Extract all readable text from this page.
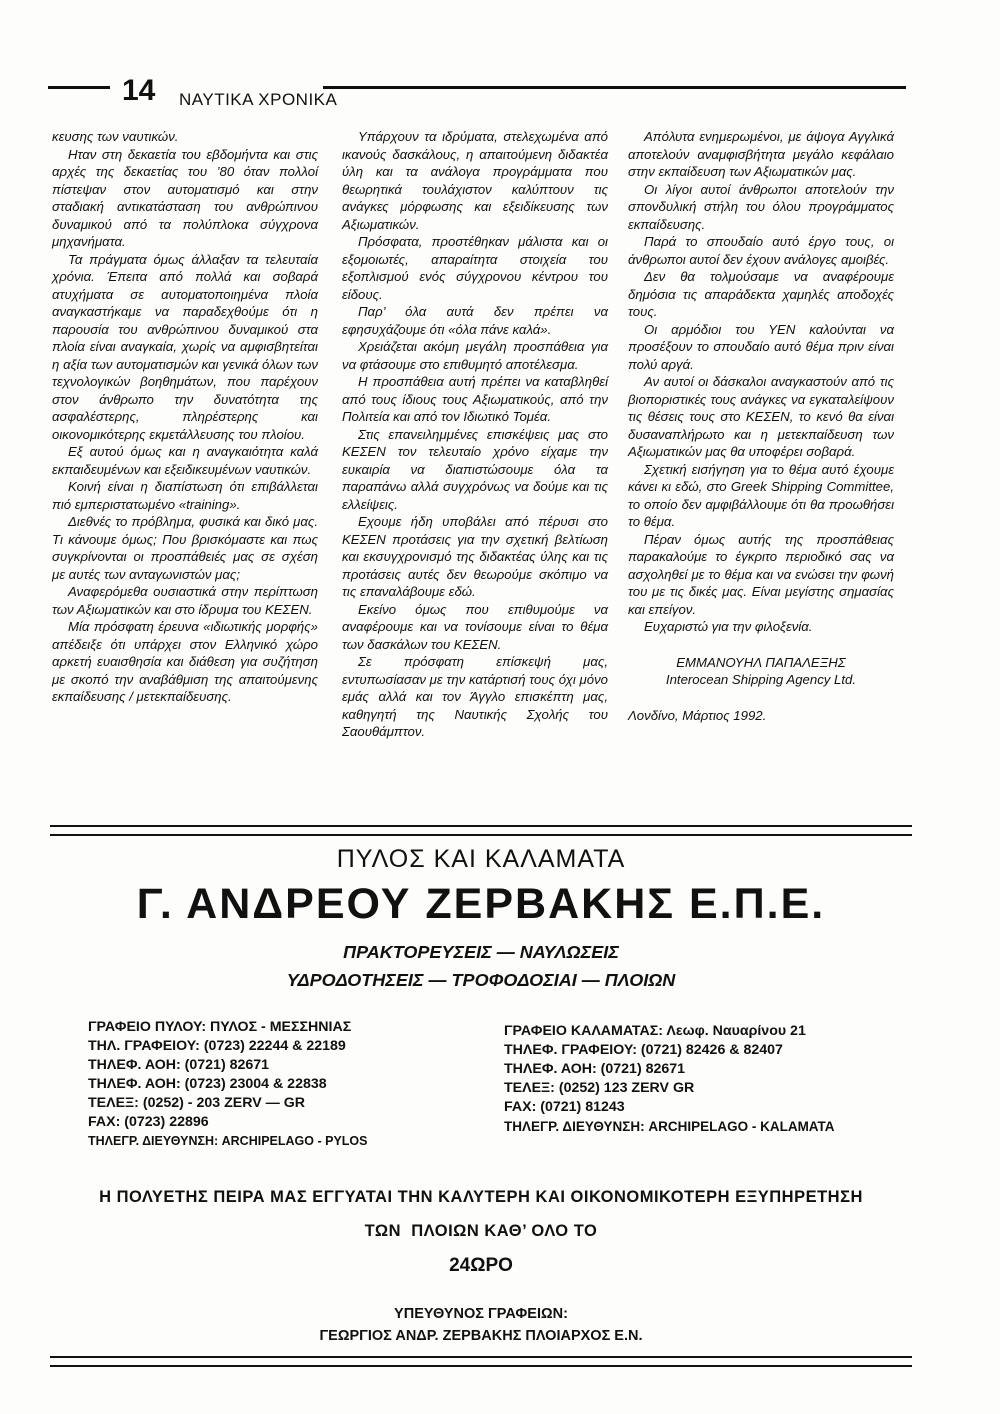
14 ΝΑΥΤΙΚΑ ΧΡΟΝΙΚΑ

κευσης των ναυτικών.

Ηταν στη δεκαετία του εβδομήντα και στις αρχές της δεκαετίας του ’80 όταν πολλοί πίστεψαν στον αυτοματισμό και στην σταδιακή αντικατάσταση του ανθρώπινου δυναμικού από τα πολύπλοκα σύγχρονα μηχανήματα.

Τα πράγματα όμως άλλαξαν τα τελευταία χρόνια. Έπειτα από πολλά και σοβαρά ατυχήματα σε αυτοματοποιημένα πλοία αναγκαστήκαμε να παραδεχθούμε ότι η παρουσία του ανθρώπινου δυναμικού στα πλοία είναι αναγκαία, χωρίς να αμφισβητείται η αξία των αυτοματισμών και γενικά όλων των τεχνολογικών βοηθημάτων, που παρέχουν στον άνθρωπο την δυνατότητα της ασφαλέστερης, πληρέστερης και οικονομικότερης εκμετάλλευσης του πλοίου.

Εξ αυτού όμως και η αναγκαιότητα καλά εκπαιδευμένων και εξειδικευμένων ναυτικών.

Κοινή είναι η διαπίστωση ότι επιβάλλεται πιό εμπεριστατωμένο «training».

Διεθνές το πρόβλημα, φυσικά και δικό μας. Τι κάνουμε όμως; Που βρισκόμαστε και πως συγκρίνονται οι προσπάθειές μας σε σχέση με αυτές των ανταγωνιστών μας;

Αναφερόμεθα ουσιαστικά στην περίπτωση των Αξιωματικών και στο ίδρυμα του ΚΕΣΕΝ.

Μία πρόσφατη έρευνα «ιδιωτικής μορφής» απέδειξε ότι υπάρχει στον Ελληνικό χώρο αρκετή ευαισθησία και διάθεση για συζήτηση με σκοπό την αναβάθμιση της απαιτούμενης εκπαίδευσης / μετεκπαίδευσης.

Υπάρχουν τα ιδρύματα, στελεχωμένα από ικανούς δασκάλους, η απαιτούμενη διδακτέα ύλη και τα ανάλογα προγράμματα που θεωρητικά τουλάχιστον καλύπτουν τις ανάγκες μόρφωσης και εξειδίκευσης των Αξιωματικών.

Πρόσφατα, προστέθηκαν μάλιστα και οι εξομοιωτές, απαραίτητα στοιχεία του εξοπλισμού ενός σύγχρονου κέντρου του είδους.

Παρ’ όλα αυτά δεν πρέπει να εφησυχάζουμε ότι «όλα πάνε καλά».

Χρειάζεται ακόμη μεγάλη προσπάθεια για να φτάσουμε στο επιθυμητό αποτέλεσμα.

Η προσπάθεια αυτή πρέπει να καταβληθεί από τους ίδιους τους Αξιωματικούς, από την Πολιτεία και από τον Ιδιωτικό Τομέα.

Στις επανειλημμένες επισκέψεις μας στο ΚΕΣΕΝ τον τελευταίο χρόνο είχαμε την ευκαιρία να διαπιστώσουμε όλα τα παραπάνω αλλά συγχρόνως να δούμε και τις ελλείψεις.

Εχουμε ήδη υποβάλει από πέρυσι στο ΚΕΣΕΝ προτάσεις για την σχετική βελτίωση και εκσυγχρονισμό της διδακτέας ύλης και τις προτάσεις αυτές δεν θεωρούμε σκόπιμο να τις επαναλάβουμε εδώ.

Εκείνο όμως που επιθυμούμε να αναφέρουμε και να τονίσουμε είναι το θέμα των δασκάλων του ΚΕΣΕΝ.

Σε πρόσφατη επίσκεψή μας, εντυπωσίασαν με την κατάρτισή τους όχι μόνο εμάς αλλά και τον Άγγλο επισκέπτη μας, καθηγητή της Ναυτικής Σχολής του Σαουθάμπτον.

Απόλυτα ενημερωμένοι, με άψογα Αγγλικά αποτελούν αναμφισβήτητα μεγάλο κεφάλαιο στην εκπαίδευση των Αξιωματικών μας.

Οι λίγοι αυτοί άνθρωποι αποτελούν την σπονδυλική στήλη του όλου προγράμματος εκπαίδευσης.

Παρά το σπουδαίο αυτό έργο τους, οι άνθρωποι αυτοί δεν έχουν ανάλογες αμοιβές.

Δεν θα τολμούσαμε να αναφέρουμε δημόσια τις απαράδεκτα χαμηλές αποδοχές τους.

Οι αρμόδιοι του ΥΕΝ καλούνται να προσέξουν το σπουδαίο αυτό θέμα πριν είναι πολύ αργά.

Αν αυτοί οι δάσκαλοι αναγκαστούν από τις βιοποριστικές τους ανάγκες να εγκαταλείψουν τις θέσεις τους στο ΚΕΣΕΝ, το κενό θα είναι δυσαναπλήρωτο και η μετεκπαίδευση των Αξιωματικών μας θα υποφέρει σοβαρά.

Σχετική εισήγηση για το θέμα αυτό έχουμε κάνει κι εδώ, στο Greek Shipping Committee, το οποίο δεν αμφιβάλλουμε ότι θα προωθήσει το θέμα.

Πέραν όμως αυτής της προσπάθειας παρακαλούμε το έγκριτο περιοδικό σας να ασχοληθεί με το θέμα και να ενώσει την φωνή του με τις δικές μας. Είναι μεγίστης σημασίας και επείγον.

Ευχαριστώ για την φιλοξενία.

ΕΜΜΑΝΟΥΗΛ ΠΑΠΑΛΕΞΗΣ
Interocean Shipping Agency Ltd.
Λονδίνο, Μάρτιος 1992.
ΠΥΛΟΣ ΚΑΙ ΚΑΛΑΜΑΤΑ
Γ. ΑΝΔΡΕΟΥ ΖΕΡΒΑΚΗΣ Ε.Π.Ε.
ΠΡΑΚΤΟΡΕΥΣΕΙΣ — ΝΑΥΛΩΣΕΙΣ
ΥΔΡΟΔΟΤΗΣΕΙΣ — ΤΡΟΦΟΔΟΣΙΑΙ — ΠΛΟΙΩΝ
ΓΡΑΦΕΙΟ ΠΥΛΟΥ: ΠΥΛΟΣ - ΜΕΣΣΗΝΙΑΣ
ΤΗΛ. ΓΡΑΦΕΙΟΥ: (0723) 22244 & 22189
ΤΗΛΕΦ. ΑΟΗ: (0721) 82671
ΤΗΛΕΦ. ΑΟΗ: (0723) 23004 & 22838
ΤΕΛΕΞ: (0252) - 203 ZERV — GR
FAX: (0723) 22896
ΤΗΛΕΓΡ. ΔΙΕΥΘΥΝΣΗ: ARCHIPELAGO - PYLOS
ΓΡΑΦΕΙΟ ΚΑΛΑΜΑΤΑΣ: Λεωφ. Ναυαρίνου 21
ΤΗΛΕΦ. ΓΡΑΦΕΙΟΥ: (0721) 82426 & 82407
ΤΗΛΕΦ. ΑΟΗ: (0721) 82671
ΤΕΛΕΞ: (0252) 123 ZERV GR
FAX: (0721) 81243
ΤΗΛΕΓΡ. ΔΙΕΥΘΥΝΣΗ: ARCHIPELAGO - KALAMATA
Η ΠΟΛΥΕΤΗΣ ΠΕΙΡΑ ΜΑΣ ΕΓΓΥΑΤΑΙ ΤΗΝ ΚΑΛΥΤΕΡΗ ΚΑΙ ΟΙΚΟΝΟΜΙΚΟΤΕΡΗ ΕΞΥΠΗΡΕΤΗΣΗ
ΤΩΝ  ΠΛΟΙΩΝ ΚΑΘ’ ΟΛΟ ΤΟ
24ΩΡΟ
ΥΠΕΥΘΥΝΟΣ ΓΡΑΦΕΙΩΝ:
ΓΕΩΡΓΙΟΣ ΑΝΔΡ. ΖΕΡΒΑΚΗΣ ΠΛΟΙΑΡΧΟΣ Ε.Ν.
